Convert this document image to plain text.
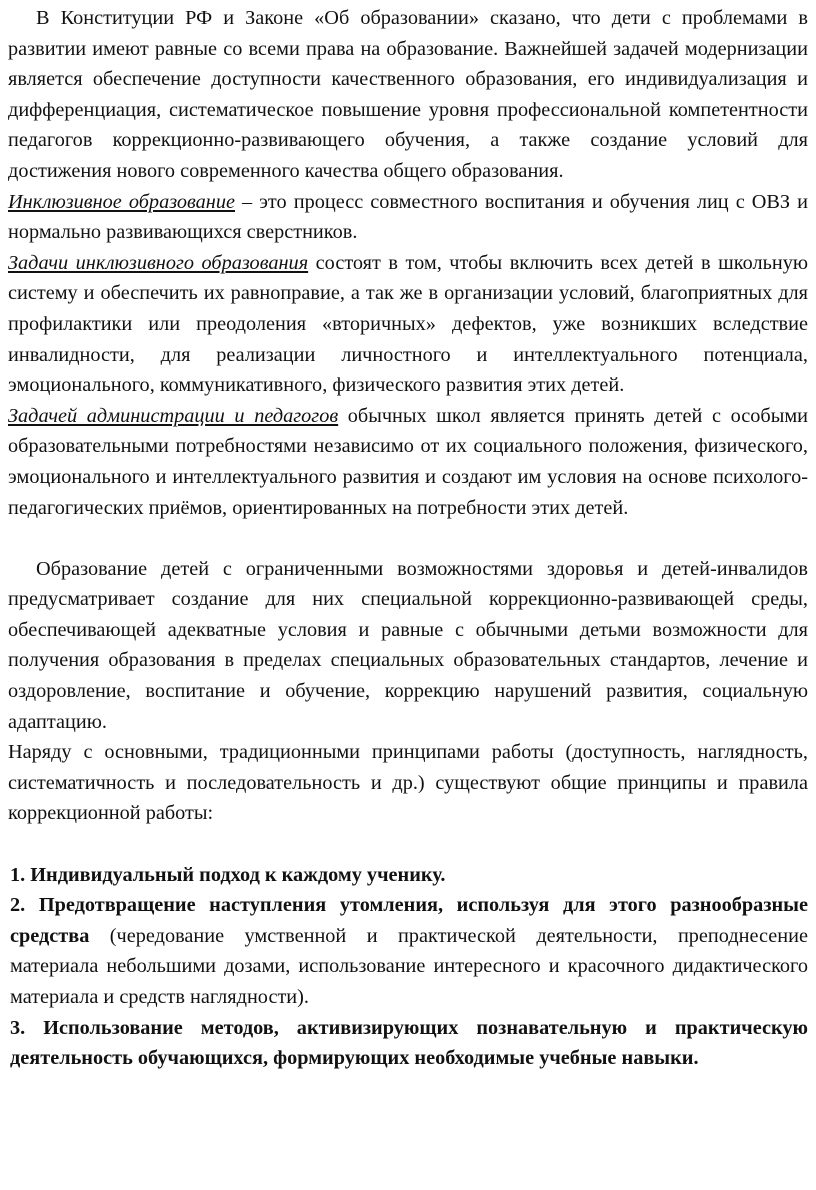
В Конституции РФ и Законе «Об образовании» сказано, что дети с проблемами в развитии имеют равные со всеми права на образование. Важнейшей задачей модернизации является обеспечение доступности качественного образования, его индивидуализация и дифференциация, систематическое повышение уровня профессиональной компетентности педагогов коррекционно-развивающего обучения, а также создание условий для достижения нового современного качества общего образования.

Инклюзивное образование – это процесс совместного воспитания и обучения лиц с ОВЗ и нормально развивающихся сверстников.

Задачи инклюзивного образования состоят в том, чтобы включить всех детей в школьную систему и обеспечить их равноправие, а так же в организации условий, благоприятных для профилактики или преодоления «вторичных» дефектов, уже возникших вследствие инвалидности, для реализации личностного и интеллектуального потенциала, эмоционального, коммуникативного, физического развития этих детей.

Задачей администрации и педагогов обычных школ является принять детей с особыми образовательными потребностями независимо от их социального положения, физического, эмоционального и интеллектуального развития и создают им условия на основе психолого-педагогических приёмов, ориентированных на потребности этих детей.

Образование детей с ограниченными возможностями здоровья и детей-инвалидов предусматривает создание для них специальной коррекционно-развивающей среды, обеспечивающей адекватные условия и равные с обычными детьми возможности для получения образования в пределах специальных образовательных стандартов, лечение и оздоровление, воспитание и обучение, коррекцию нарушений развития, социальную адаптацию.

Наряду с основными, традиционными принципами работы (доступность, наглядность, систематичность и последовательность и др.) существуют общие принципы и правила коррекционной работы:

1. Индивидуальный подход к каждому ученику.

2. Предотвращение наступления утомления, используя для этого разнообразные средства (чередование умственной и практической деятельности, преподнесение материала небольшими дозами, использование интересного и красочного дидактического материала и средств наглядности).

3. Использование методов, активизирующих познавательную и практическую деятельность обучающихся, формирующих необходимые учебные навыки.
